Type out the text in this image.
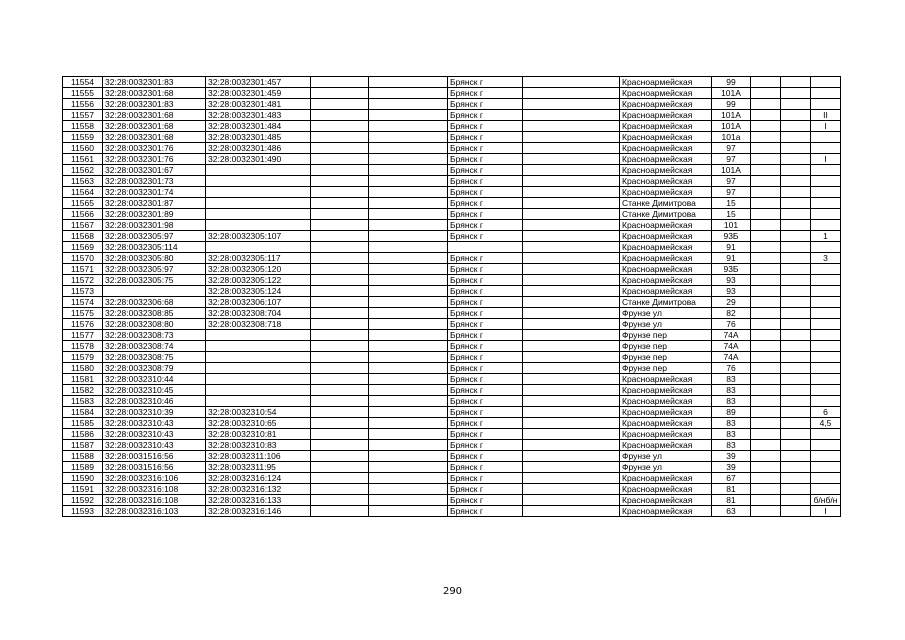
11554	32:28:0032301:83	32:28:0032301:457			Брянск г		Красноармейская	99			
11555	32:28:0032301:68	32:28:0032301:459			Брянск г		Красноармейская	101А			
11556	32:28:0032301:83	32:28:0032301:481			Брянск г		Красноармейская	99			
11557	32:28:0032301:68	32:28:0032301:483			Брянск г		Красноармейская	101А			II
11558	32:28:0032301:68	32:28:0032301:484			Брянск г		Красноармейская	101А			I
11559	32:28:0032301:68	32:28:0032301:485			Брянск г		Красноармейская	101а			
11560	32:28:0032301:76	32:28:0032301:486			Брянск г		Красноармейская	97			
11561	32:28:0032301:76	32:28:0032301:490			Брянск г		Красноармейская	97			I
11562	32:28:0032301:67				Брянск г		Красноармейская	101А			
11563	32:28:0032301:73				Брянск г		Красноармейская	97			
11564	32:28:0032301:74				Брянск г		Красноармейская	97			
11565	32:28:0032301:87				Брянск г		Станке Димитрова	15			
11566	32:28:0032301:89				Брянск г		Станке Димитрова	15			
11567	32:28:0032301:98				Брянск г		Красноармейская	101			
11568	32:28:0032305:97	32:28:0032305:107			Брянск г		Красноармейская	93Б			1
11569	32:28:0032305:114						Красноармейская	91			
11570	32:28:0032305:80	32:28:0032305:117			Брянск г		Красноармейская	91			3
11571	32:28:0032305:97	32:28:0032305:120			Брянск г		Красноармейская	93Б			
11572	32:28:0032305:75	32:28:0032305:122			Брянск г		Красноармейская	93			
11573		32:28:0032305:124			Брянск г		Красноармейская	93			
11574	32:28:0032306:68	32:28:0032306:107			Брянск г		Станке Димитрова	29			
11575	32:28:0032308:85	32:28:0032308:704			Брянск г		Фрунзе ул	82			
11576	32:28:0032308:80	32:28:0032308:718			Брянск г		Фрунзе ул	76			
11577	32:28:0032308:73				Брянск г		Фрунзе пер	74А			
11578	32:28:0032308:74				Брянск г		Фрунзе пер	74А			
11579	32:28:0032308:75				Брянск г		Фрунзе пер	74А			
11580	32:28:0032308:79				Брянск г		Фрунзе пер	76			
11581	32:28:0032310:44				Брянск г		Красноармейская	83			
11582	32:28:0032310:45				Брянск г		Красноармейская	83			
11583	32:28:0032310:46				Брянск г		Красноармейская	83			
11584	32:28:0032310:39	32:28:0032310:54			Брянск г		Красноармейская	89			6
11585	32:28:0032310:43	32:28:0032310:65			Брянск г		Красноармейская	83			4,5
11586	32:28:0032310:43	32:28:0032310:81			Брянск г		Красноармейская	83			
11587	32:28:0032310:43	32:28:0032310:83			Брянск г		Красноармейская	83			
11588	32:28:0031516:56	32:28:0032311:106			Брянск г		Фрунзе ул	39			
11589	32:28:0031516:56	32:28:0032311:95			Брянск г		Фрунзе ул	39			
11590	32:28:0032316:106	32:28:0032316:124			Брянск г		Красноармейская	67			
11591	32:28:0032316:108	32:28:0032316:132			Брянск г		Красноармейская	81			
11592	32:28:0032316:108	32:28:0032316:133			Брянск г		Красноармейская	81			б/нб/н
11593	32:28:0032316:103	32:28:0032316:146			Брянск г		Красноармейская	63			I
290
